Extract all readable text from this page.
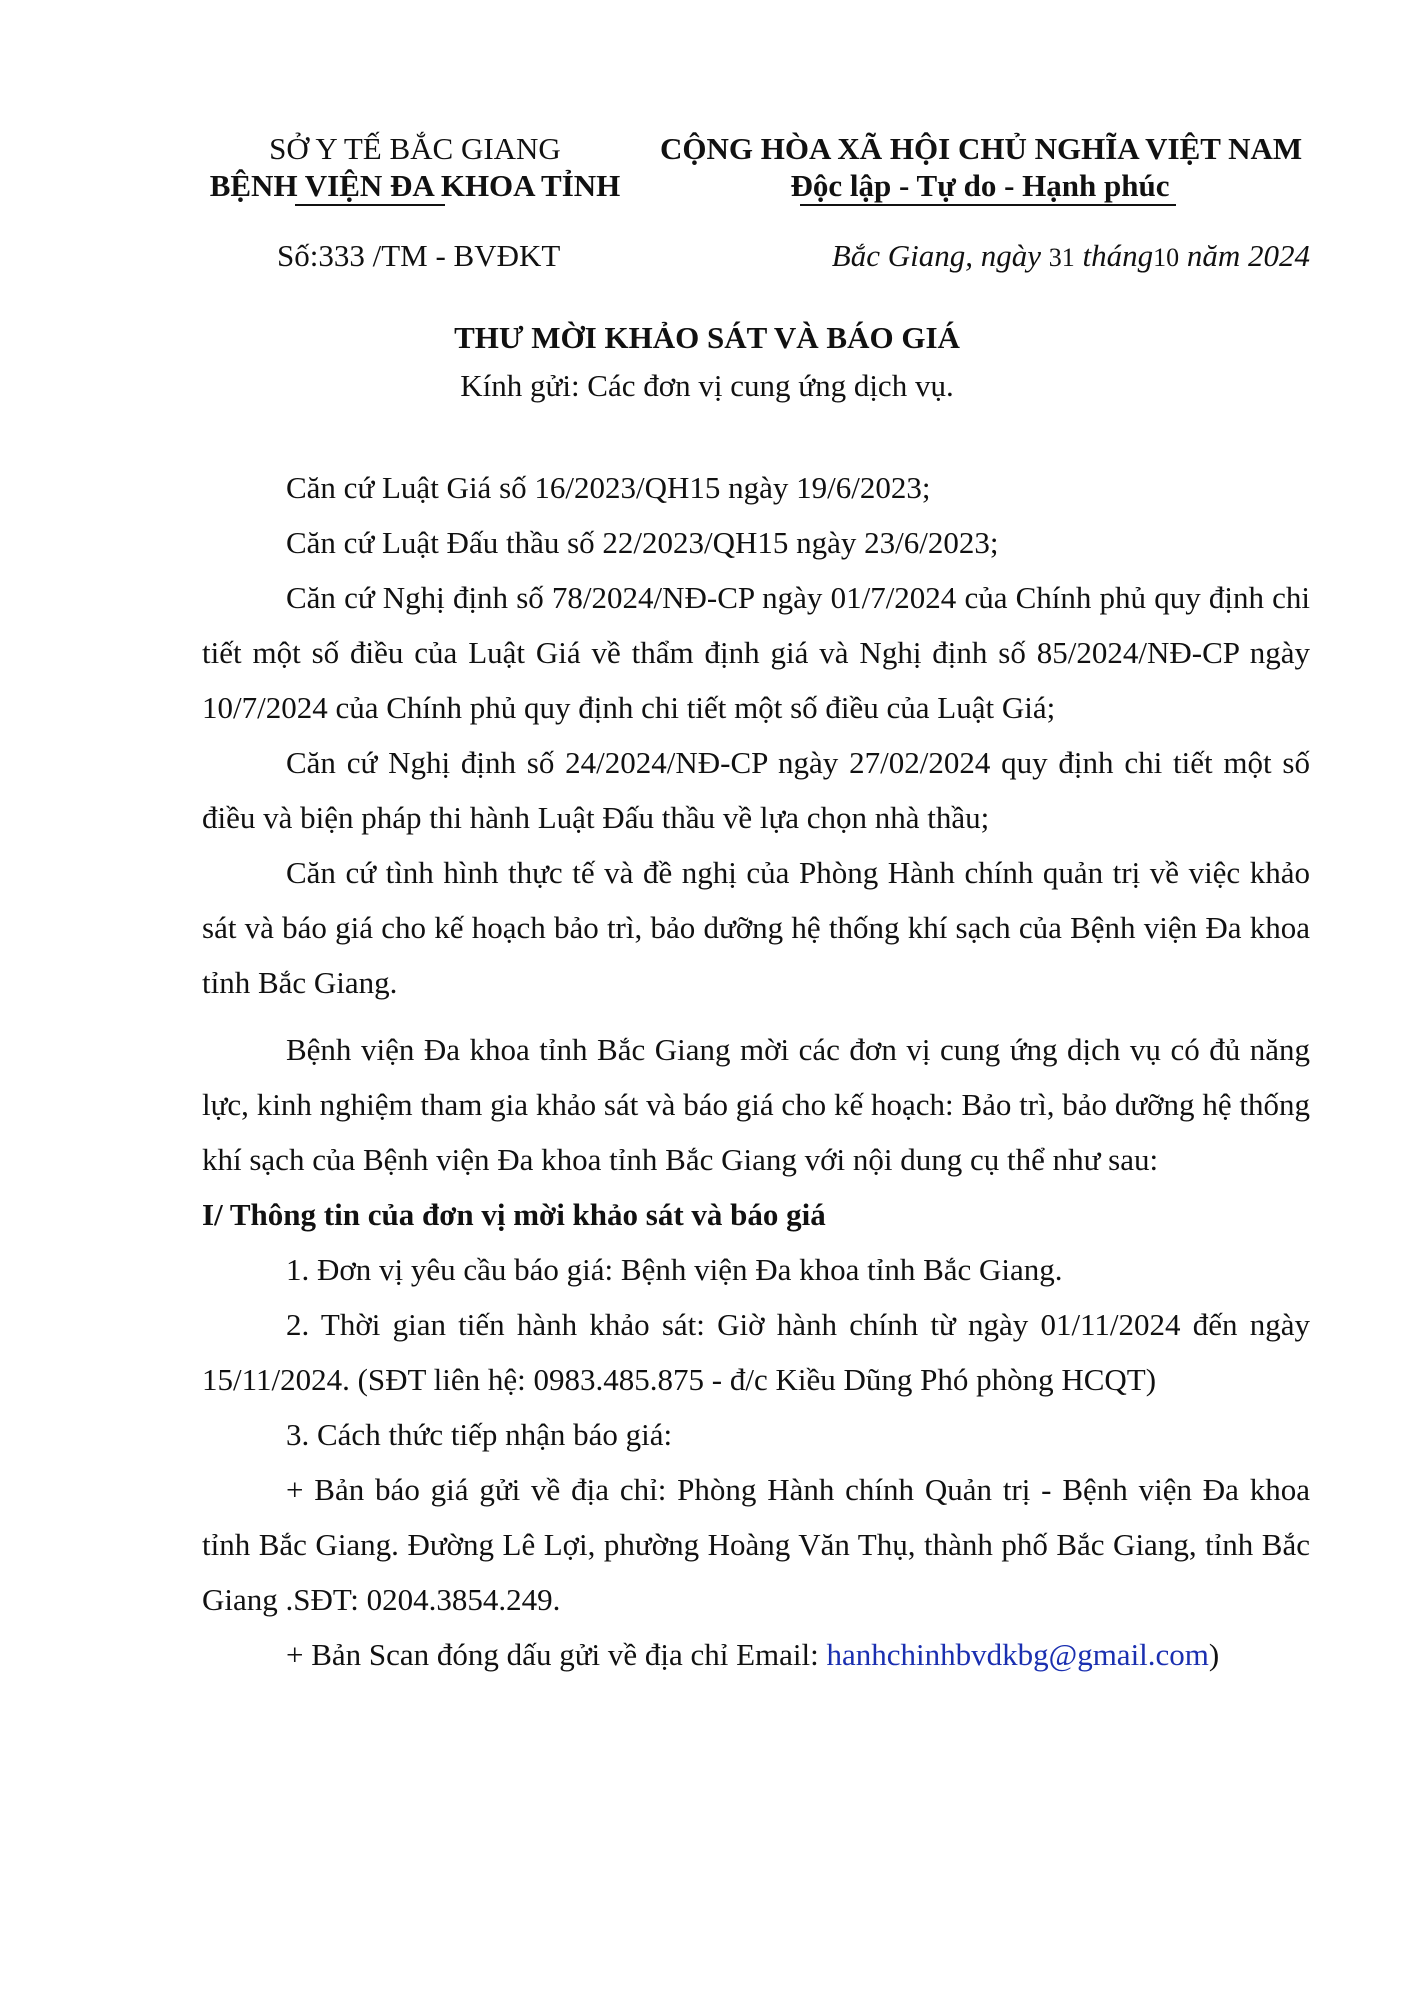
SỞ Y TẾ BẮC GIANG
BỆNH VIỆN ĐA KHOA TỈNH
CỘNG HÒA XÃ HỘI CHỦ NGHĨA VIỆT NAM
Độc lập - Tự do - Hạnh phúc
Số:333 /TM - BVĐKT	Bắc Giang, ngày 31 tháng10 năm 2024
THƯ MỜI KHẢO SÁT VÀ BÁO GIÁ
Kính gửi: Các đơn vị cung ứng dịch vụ.

Căn cứ Luật Giá số 16/2023/QH15 ngày 19/6/2023;

Căn cứ Luật Đấu thầu số 22/2023/QH15 ngày 23/6/2023;

Căn cứ Nghị định số 78/2024/NĐ-CP ngày 01/7/2024 của Chính phủ quy định chi tiết một số điều của Luật Giá về thẩm định giá và Nghị định số 85/2024/NĐ-CP ngày 10/7/2024 của Chính phủ quy định chi tiết một số điều của Luật Giá;

Căn cứ Nghị định số 24/2024/NĐ-CP ngày 27/02/2024 quy định chi tiết một số điều và biện pháp thi hành Luật Đấu thầu về lựa chọn nhà thầu;

Căn cứ tình hình thực tế và đề nghị của Phòng Hành chính quản trị về việc khảo sát và báo giá cho kế hoạch bảo trì, bảo dưỡng hệ thống khí sạch của Bệnh viện Đa khoa tỉnh Bắc Giang.

Bệnh viện Đa khoa tỉnh Bắc Giang mời các đơn vị cung ứng dịch vụ có đủ năng lực, kinh nghiệm tham gia khảo sát và báo giá cho kế hoạch: Bảo trì, bảo dưỡng hệ thống khí sạch của Bệnh viện Đa khoa tỉnh Bắc Giang với nội dung cụ thể như sau:

I/ Thông tin của đơn vị mời khảo sát và báo giá

1. Đơn vị yêu cầu báo giá: Bệnh viện Đa khoa tỉnh Bắc Giang.

2. Thời gian tiến hành khảo sát: Giờ hành chính từ ngày 01/11/2024 đến ngày 15/11/2024. (SĐT liên hệ: 0983.485.875 - đ/c Kiều Dũng Phó phòng HCQT)

3. Cách thức tiếp nhận báo giá:

+ Bản báo giá gửi về địa chỉ: Phòng Hành chính Quản trị - Bệnh viện Đa khoa tỉnh Bắc Giang. Đường Lê Lợi, phường Hoàng Văn Thụ, thành phố Bắc Giang, tỉnh Bắc Giang .SĐT: 0204.3854.249.

+ Bản Scan đóng dấu gửi về địa chỉ Email: hanhchinhbvdkbg@gmail.com)
